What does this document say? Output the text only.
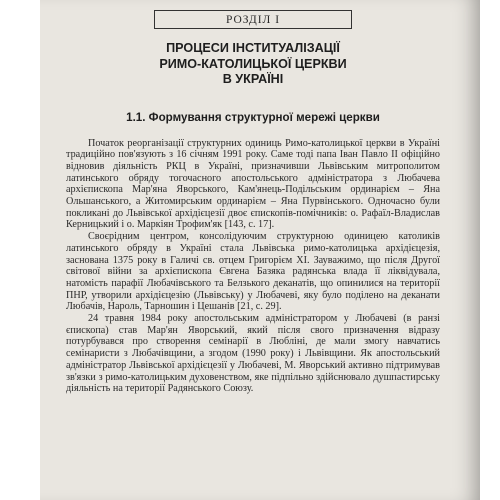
РОЗДІЛ І
ПРОЦЕСИ ІНСТИТУАЛІЗАЦІЇ
РИМО-КАТОЛИЦЬКОЇ ЦЕРКВИ
В УКРАЇНІ
1.1. Формування структурної мережі церкви

Початок реорганізації структурних одиниць Римо-католицької церкви в Україні традиційно пов'язують з 16 січням 1991 року. Саме тоді папа Іван Павло ІІ офіційно відновив діяльність РКЦ в Україні, призначивши Львівським митрополитом латинського обряду тогочасного апостольського адміністратора з Любачева архієпископа Мар'яна Яворського, Кам'янець-Подільським ординарієм – Яна Ольшанського, а Житомирським ординарієм – Яна Пурвінського. Одночасно були покликані до Львівської архідієцезії двоє єпископів-помічників: о. Рафаїл-Владислав Керницький і о. Маркіян Трофим'як [143, с. 17].

Своєрідним центром, консолідуючим структурною одиницею католиків латинського обряду в Україні стала Львівська римо-католицька архідієцезія, заснована 1375 року в Галичі св. отцем Григорієм ХІ. Зауважимо, що після Другої світової війни за архієпископа Євгена Базяка радянська влада її ліквідувала, натомість парафії Любачівського та Белзького деканатів, що опинилися на території ПНР, утворили архідієцезію (Львівську) у Любачеві, яку було поділено на деканати Любачів, Нароль, Тарношин і Цешанів [21, с. 29].

24 травня 1984 року апостольським адміністратором у Любачеві (в ранзі єпископа) став Мар'ян Яворський, який після свого призначення відразу потурбувався про створення семінарії в Любліні, де мали змогу навчатись семінаристи з Любачівщини, а згодом (1990 року) і Львівщини. Як апостольський адміністратор Львівської архідієцезії у Любачеві, М. Яворський активно підтримував зв'язки з римо-католицьким духовенством, яке підпільно здійснювало душпастирську діяльність на території Радянського Союзу.
